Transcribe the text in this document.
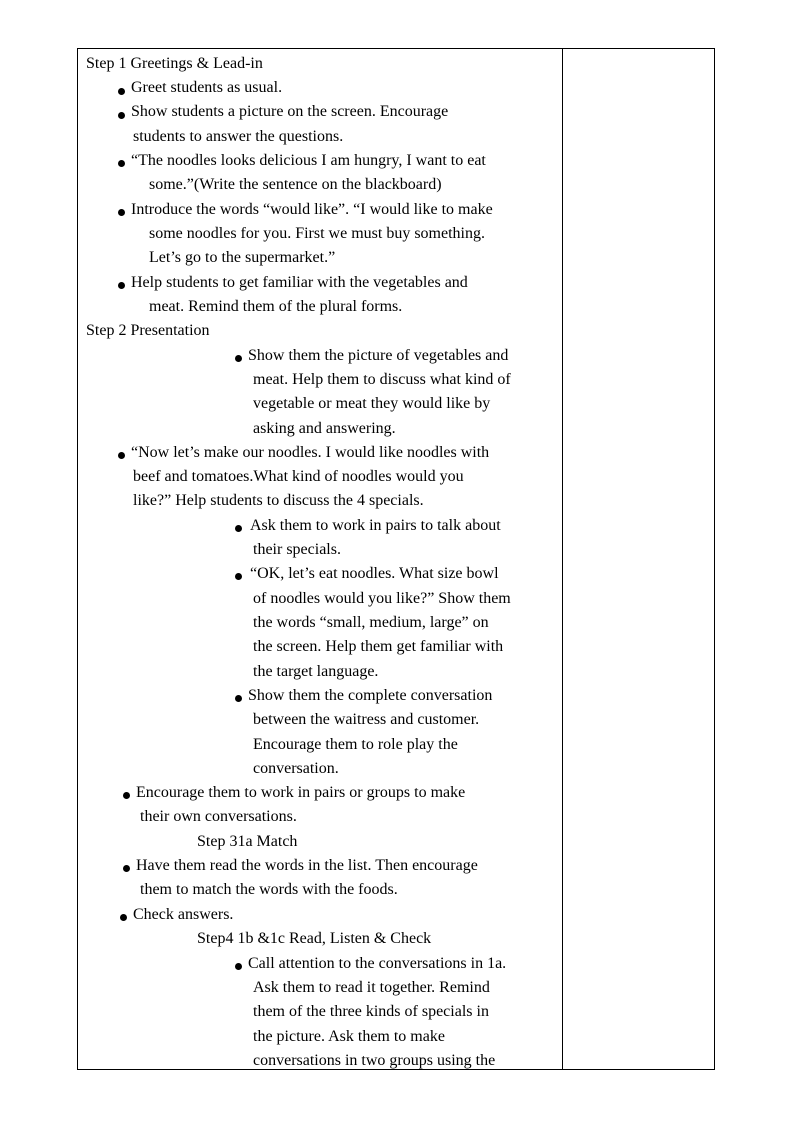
Step 1 Greetings & Lead-in
Greet students as usual.
Show students a picture on the screen. Encourage
students to answer the questions.
“The noodles looks delicious I am hungry, I want to eat
some.”(Write the sentence on the blackboard)
Introduce the words “would like”. “I would like to make
some noodles for you. First we must buy something.
Let’s go to the supermarket.”
Help students to get familiar with the vegetables and
meat. Remind them of the plural forms.
Step 2 Presentation
Show them the picture of vegetables and
meat. Help them to discuss what kind of
vegetable or meat they would like by
asking and answering.
“Now let’s make our noodles. I would like noodles with
beef and tomatoes.What kind of noodles would you
like?” Help students to discuss the 4 specials.
Ask them to work in pairs to talk about
their specials.
“OK, let’s eat noodles. What size bowl
of noodles would you like?” Show them
the words “small, medium, large” on
the screen. Help them get familiar with
the target language.
Show them the complete conversation
between the waitress and customer.
Encourage them to role play the
conversation.
Encourage them to work in pairs or groups to make
their own conversations.
Step 31a Match
Have them read the words in the list. Then encourage
them to match the words with the foods.
Check answers.
Step4 1b &1c Read, Listen & Check
Call attention to the conversations in 1a.
Ask them to read it together. Remind
them of the three kinds of specials in
the picture. Ask them to make
conversations in two groups using the
